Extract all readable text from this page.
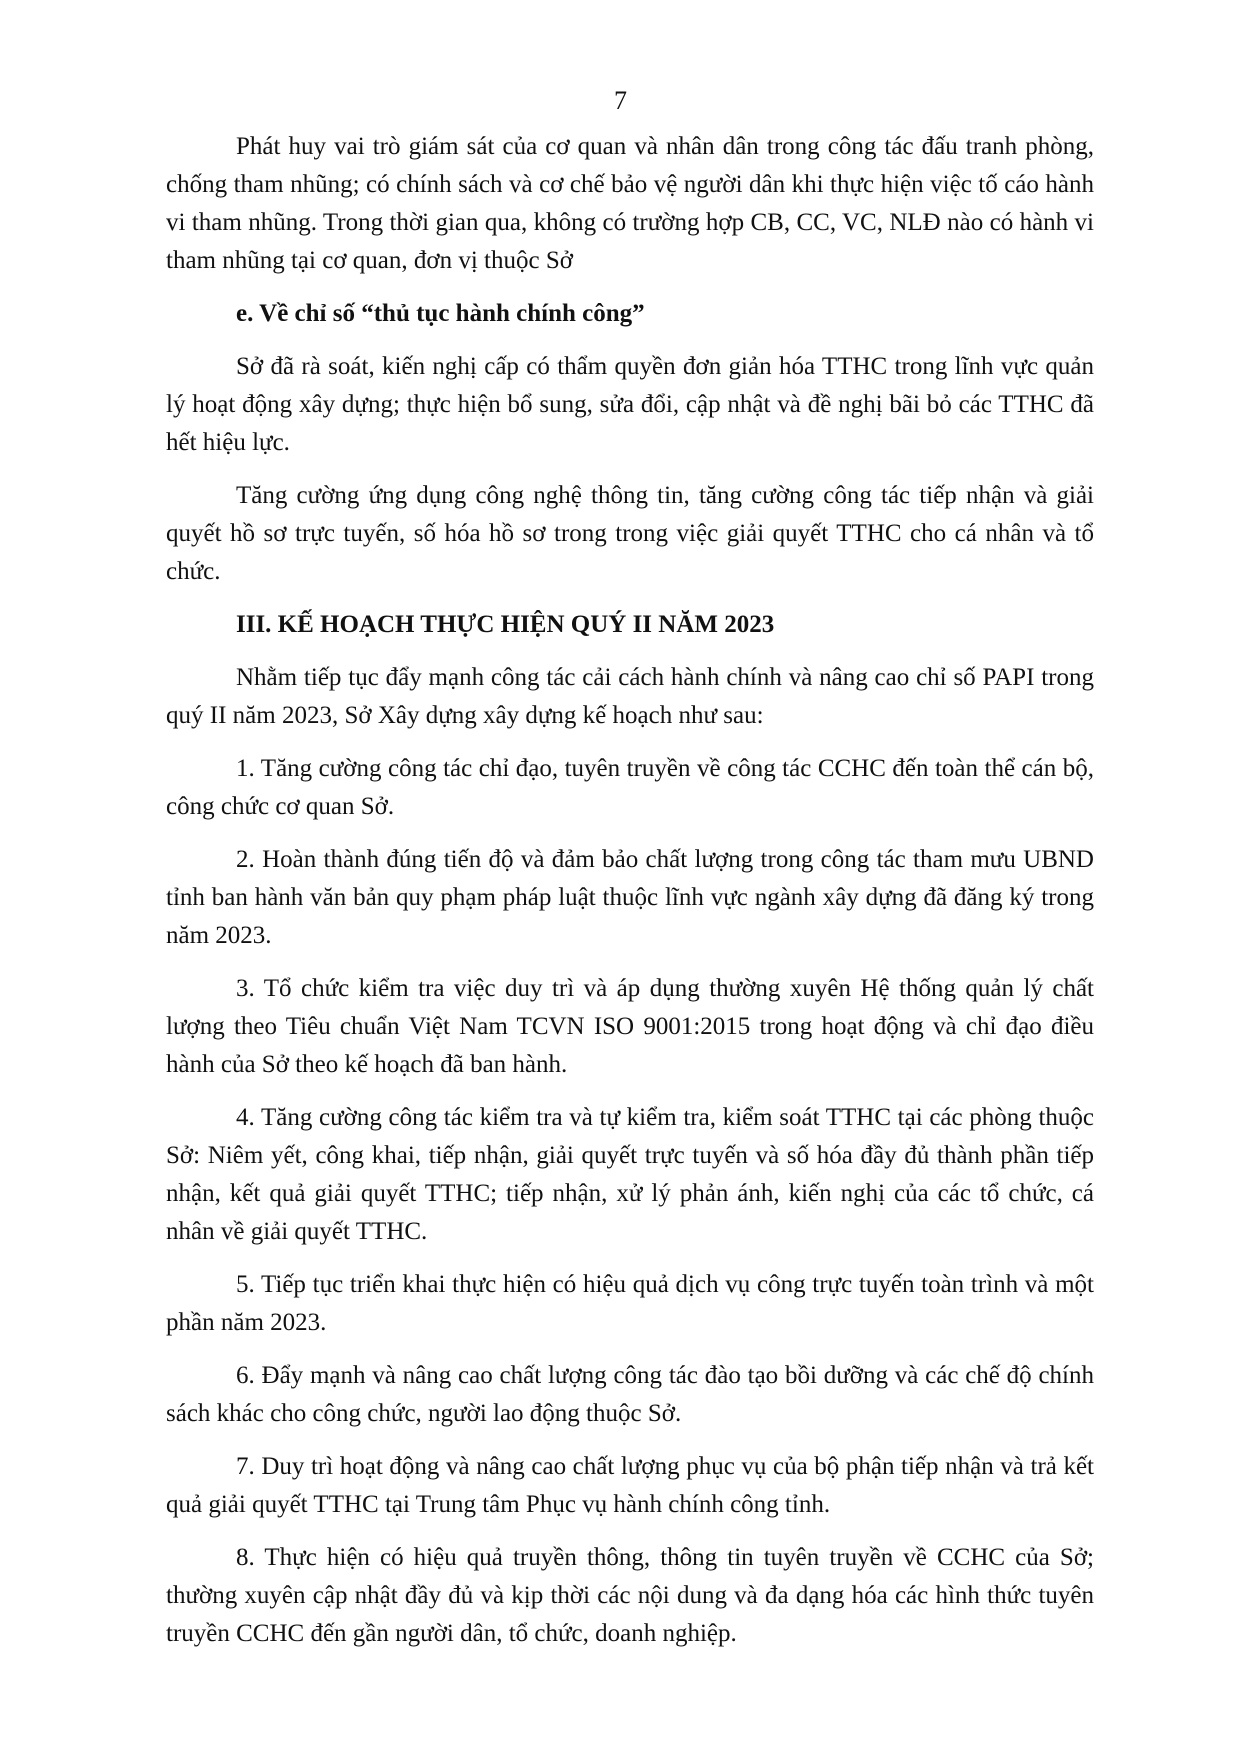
7

Phát huy vai trò giám sát của cơ quan và nhân dân trong công tác đấu tranh phòng, chống tham nhũng; có chính sách và cơ chế bảo vệ người dân khi thực hiện việc tố cáo hành vi tham nhũng. Trong thời gian qua, không có trường hợp CB, CC, VC, NLĐ nào có hành vi tham nhũng tại cơ quan, đơn vị thuộc Sở

e. Về chỉ số “thủ tục hành chính công”

Sở đã rà soát, kiến nghị cấp có thẩm quyền đơn giản hóa TTHC trong lĩnh vực quản lý hoạt động xây dựng; thực hiện bổ sung, sửa đổi, cập nhật và đề nghị bãi bỏ các TTHC đã hết hiệu lực.

Tăng cường ứng dụng công nghệ thông tin, tăng cường công tác tiếp nhận và giải quyết hồ sơ trực tuyến, số hóa hồ sơ trong trong việc giải quyết TTHC cho cá nhân và tổ chức.

III. KẾ HOẠCH THỰC HIỆN QUÝ II NĂM 2023

Nhằm tiếp tục đẩy mạnh công tác cải cách hành chính và nâng cao chỉ số PAPI trong quý II năm 2023, Sở Xây dựng xây dựng kế hoạch như sau:

1. Tăng cường công tác chỉ đạo, tuyên truyền về công tác CCHC đến toàn thể cán bộ, công chức cơ quan Sở.

2. Hoàn thành đúng tiến độ và đảm bảo chất lượng trong công tác tham mưu UBND tỉnh ban hành văn bản quy phạm pháp luật thuộc lĩnh vực ngành xây dựng đã đăng ký trong năm 2023.

3. Tổ chức kiểm tra việc duy trì và áp dụng thường xuyên Hệ thống quản lý chất lượng theo Tiêu chuẩn Việt Nam TCVN ISO 9001:2015 trong hoạt động và chỉ đạo điều hành của Sở theo kế hoạch đã ban hành.

4. Tăng cường công tác kiểm tra và tự kiểm tra, kiểm soát TTHC tại các phòng thuộc Sở: Niêm yết, công khai, tiếp nhận, giải quyết trực tuyến và số hóa đầy đủ thành phần tiếp nhận, kết quả giải quyết TTHC; tiếp nhận, xử lý phản ánh, kiến nghị của các tổ chức, cá nhân về giải quyết TTHC.

5. Tiếp tục triển khai thực hiện có hiệu quả dịch vụ công trực tuyến toàn trình và một phần năm 2023.

6. Đẩy mạnh và nâng cao chất lượng công tác đào tạo bồi dưỡng và các chế độ chính sách khác cho công chức, người lao động thuộc Sở.

7. Duy trì hoạt động và nâng cao chất lượng phục vụ của bộ phận tiếp nhận và trả kết quả giải quyết TTHC tại Trung tâm Phục vụ hành chính công tỉnh.

8. Thực hiện có hiệu quả truyền thông, thông tin tuyên truyền về CCHC của Sở; thường xuyên cập nhật đầy đủ và kịp thời các nội dung và đa dạng hóa các hình thức tuyên truyền CCHC đến gần người dân, tổ chức, doanh nghiệp.
